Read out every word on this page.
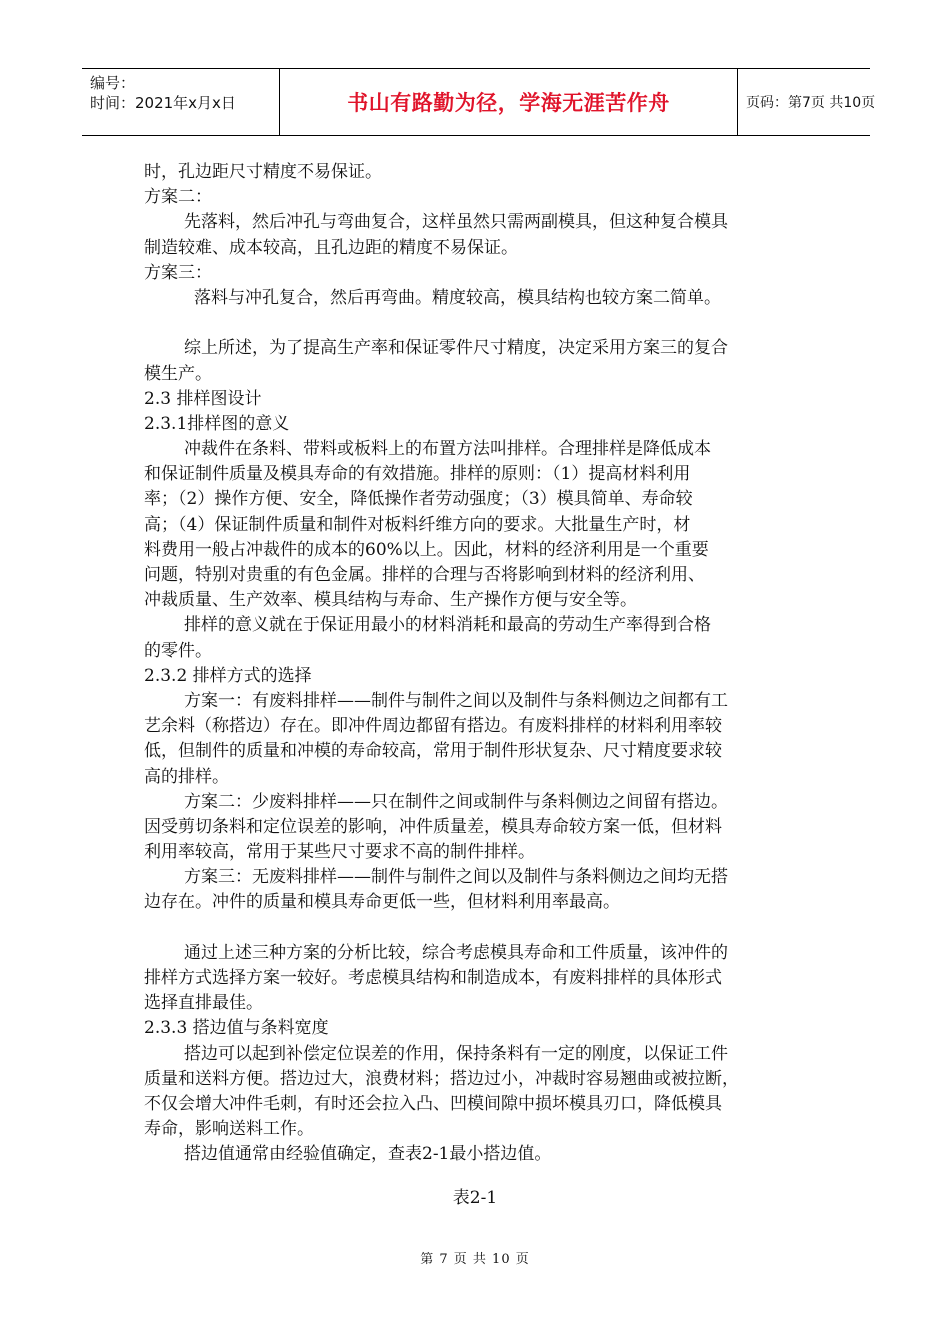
编号：
时间：2021年x月x日	书山有路勤为径，学海无涯苦作舟	页码：第7页 共10页
时，孔边距尺寸精度不易保证。
方案二：
先落料，然后冲孔与弯曲复合，这样虽然只需两副模具，但这种复合模具
制造较难、成本较高，且孔边距的精度不易保证。
方案三：
落料与冲孔复合，然后再弯曲。精度较高，模具结构也较方案二简单。
综上所述，为了提高生产率和保证零件尺寸精度，决定采用方案三的复合
模生产。
2.3 排样图设计
2.3.1排样图的意义
冲裁件在条料、带料或板料上的布置方法叫排样。合理排样是降低成本
和保证制件质量及模具寿命的有效措施。排样的原则：（1）提高材料利用
率；（2）操作方便、安全，降低操作者劳动强度；（3）模具简单、寿命较
高；（4）保证制件质量和制件对板料纤维方向的要求。大批量生产时，材
料费用一般占冲裁件的成本的60%以上。因此，材料的经济利用是一个重要
问题，特别对贵重的有色金属。排样的合理与否将影响到材料的经济利用、
冲裁质量、生产效率、模具结构与寿命、生产操作方便与安全等。
排样的意义就在于保证用最小的材料消耗和最高的劳动生产率得到合格
的零件。
2.3.2 排样方式的选择
方案一：有废料排样——制件与制件之间以及制件与条料侧边之间都有工
艺余料（称搭边）存在。即冲件周边都留有搭边。有废料排样的材料利用率较
低，但制件的质量和冲模的寿命较高，常用于制件形状复杂、尺寸精度要求较
高的排样。
方案二：少废料排样——只在制件之间或制件与条料侧边之间留有搭边。
因受剪切条料和定位误差的影响，冲件质量差，模具寿命较方案一低，但材料
利用率较高，常用于某些尺寸要求不高的制件排样。
方案三：无废料排样——制件与制件之间以及制件与条料侧边之间均无搭
边存在。冲件的质量和模具寿命更低一些，但材料利用率最高。
通过上述三种方案的分析比较，综合考虑模具寿命和工件质量，该冲件的
排样方式选择方案一较好。考虑模具结构和制造成本，有废料排样的具体形式
选择直排最佳。
2.3.3 搭边值与条料宽度
搭边可以起到补偿定位误差的作用，保持条料有一定的刚度，以保证工件
质量和送料方便。搭边过大，浪费材料；搭边过小，冲裁时容易翘曲或被拉断，
不仅会增大冲件毛刺，有时还会拉入凸、凹模间隙中损坏模具刃口，降低模具
寿命，影响送料工作。
搭边值通常由经验值确定，查表2-1最小搭边值。
表2-1
第 7 页 共 10 页
